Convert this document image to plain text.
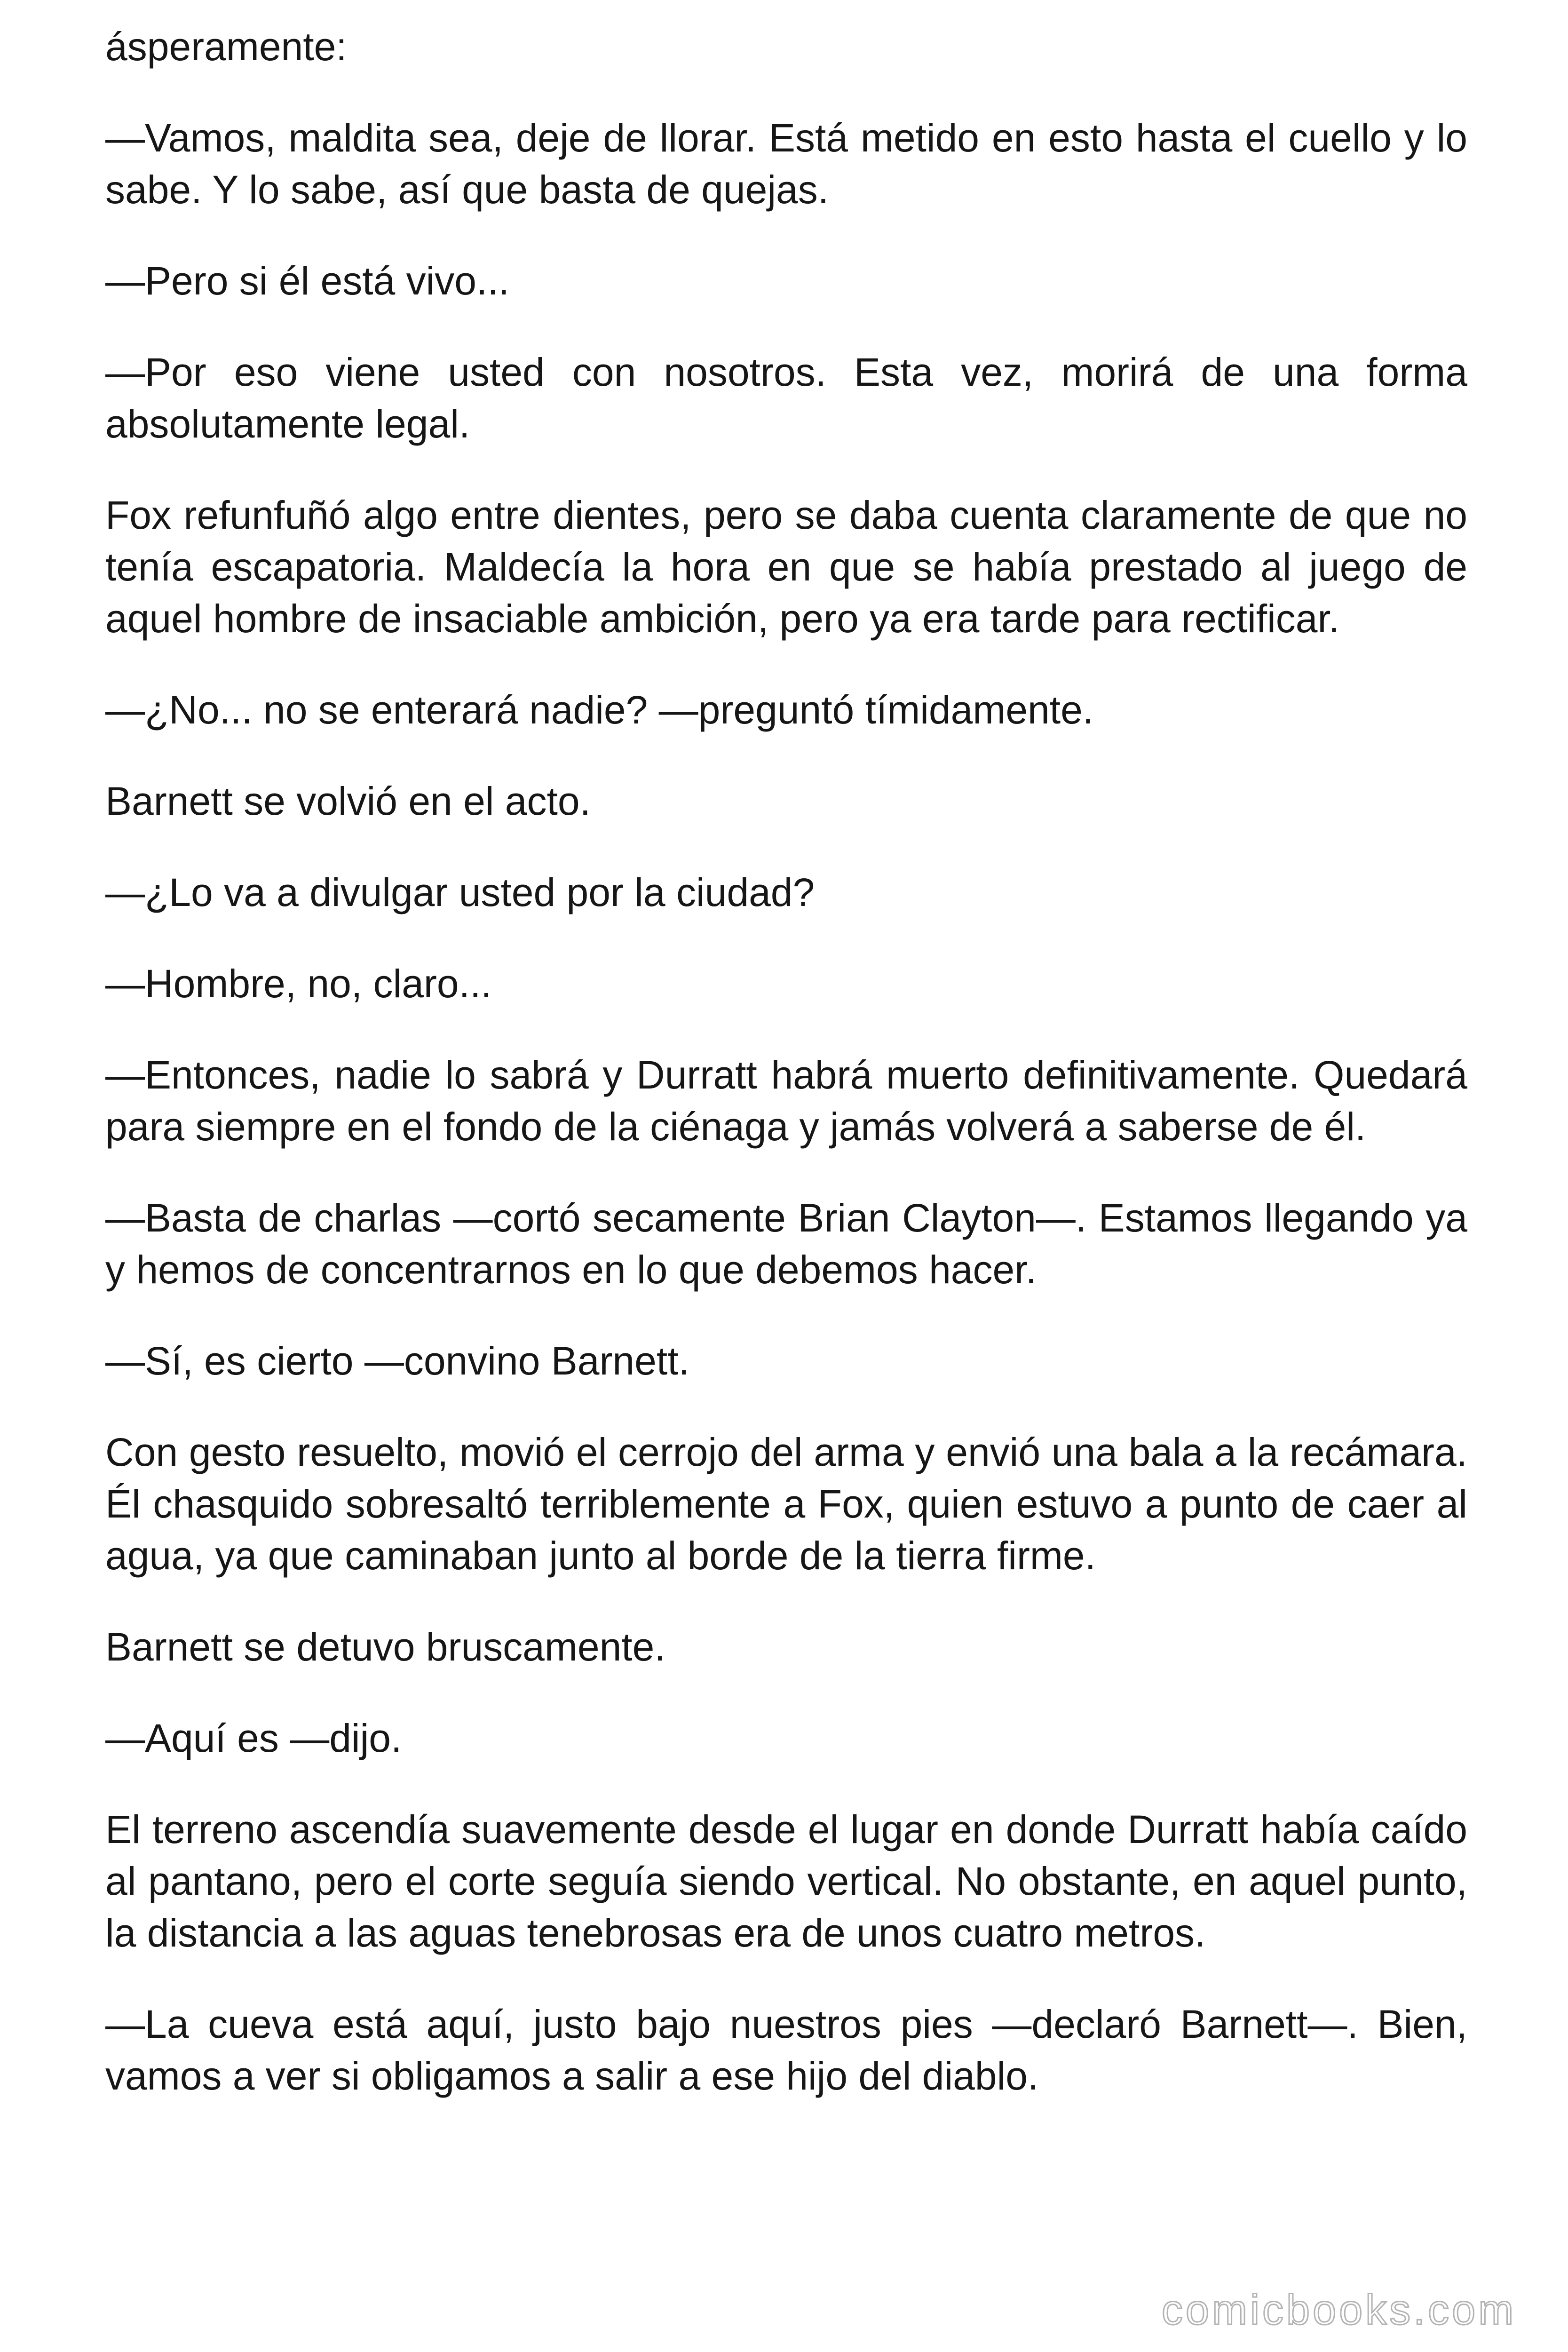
ásperamente:

—Vamos, maldita sea, deje de llorar. Está metido en esto hasta el cuello y lo sabe. Y lo sabe, así que basta de quejas.

—Pero si él está vivo...

—Por eso viene usted con nosotros. Esta vez, morirá de una forma absolutamente legal.

Fox refunfuñó algo entre dientes, pero se daba cuenta claramente de que no tenía escapatoria. Maldecía la hora en que se había prestado al juego de aquel hombre de insaciable ambición, pero ya era tarde para rectificar.

—¿No... no se enterará nadie? —preguntó tímidamente.

Barnett se volvió en el acto.

—¿Lo va a divulgar usted por la ciudad?

—Hombre, no, claro...

—Entonces, nadie lo sabrá y Durratt habrá muerto definitivamente. Quedará para siempre en el fondo de la ciénaga y jamás volverá a saberse de él.

—Basta de charlas —cortó secamente Brian Clayton—. Estamos llegando ya y hemos de concentrarnos en lo que debemos hacer.

—Sí, es cierto —convino Barnett.

Con gesto resuelto, movió el cerrojo del arma y envió una bala a la recámara. Él chasquido sobresaltó terriblemente a Fox, quien estuvo a punto de caer al agua, ya que caminaban junto al borde de la tierra firme.

Barnett se detuvo bruscamente.

—Aquí es —dijo.

El terreno ascendía suavemente desde el lugar en donde Durratt había caído al pantano, pero el corte seguía siendo vertical. No obstante, en aquel punto, la distancia a las aguas tenebrosas era de unos cuatro metros.

—La cueva está aquí, justo bajo nuestros pies —declaró Barnett—. Bien, vamos a ver si obligamos a salir a ese hijo del diablo.

comicbooks.com
